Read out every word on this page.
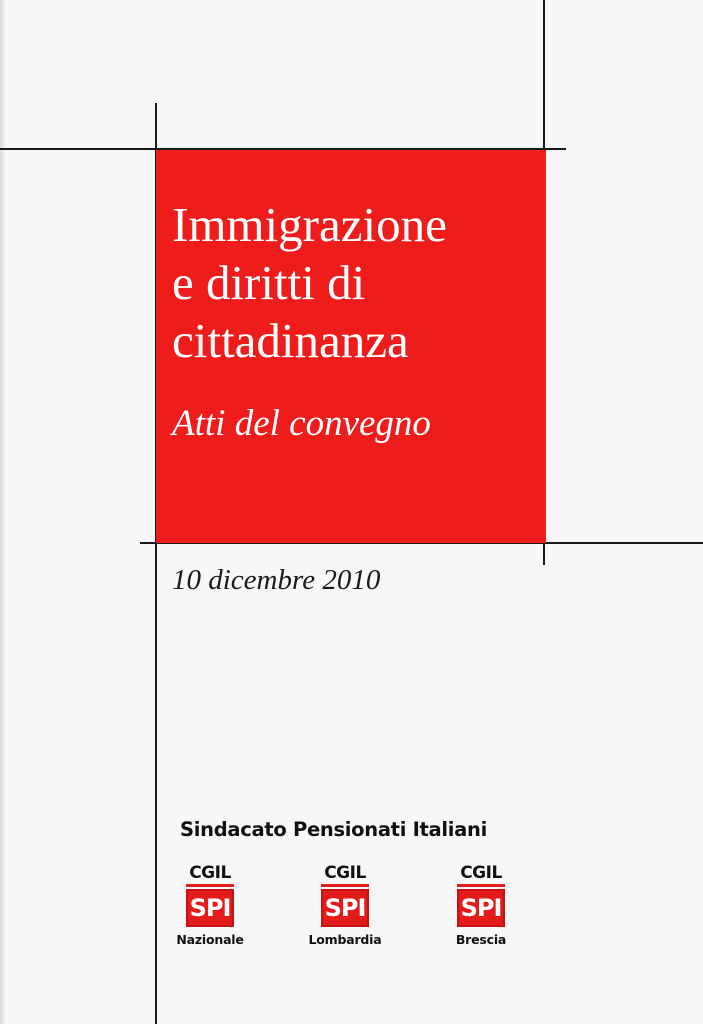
Immigrazione
e diritti di
cittadinanza
Atti del convegno
10 dicembre 2010
Sindacato Pensionati Italiani
CGIL
SPI
Nazionale
CGIL
SPI
Lombardia
CGIL
SPI
Brescia
